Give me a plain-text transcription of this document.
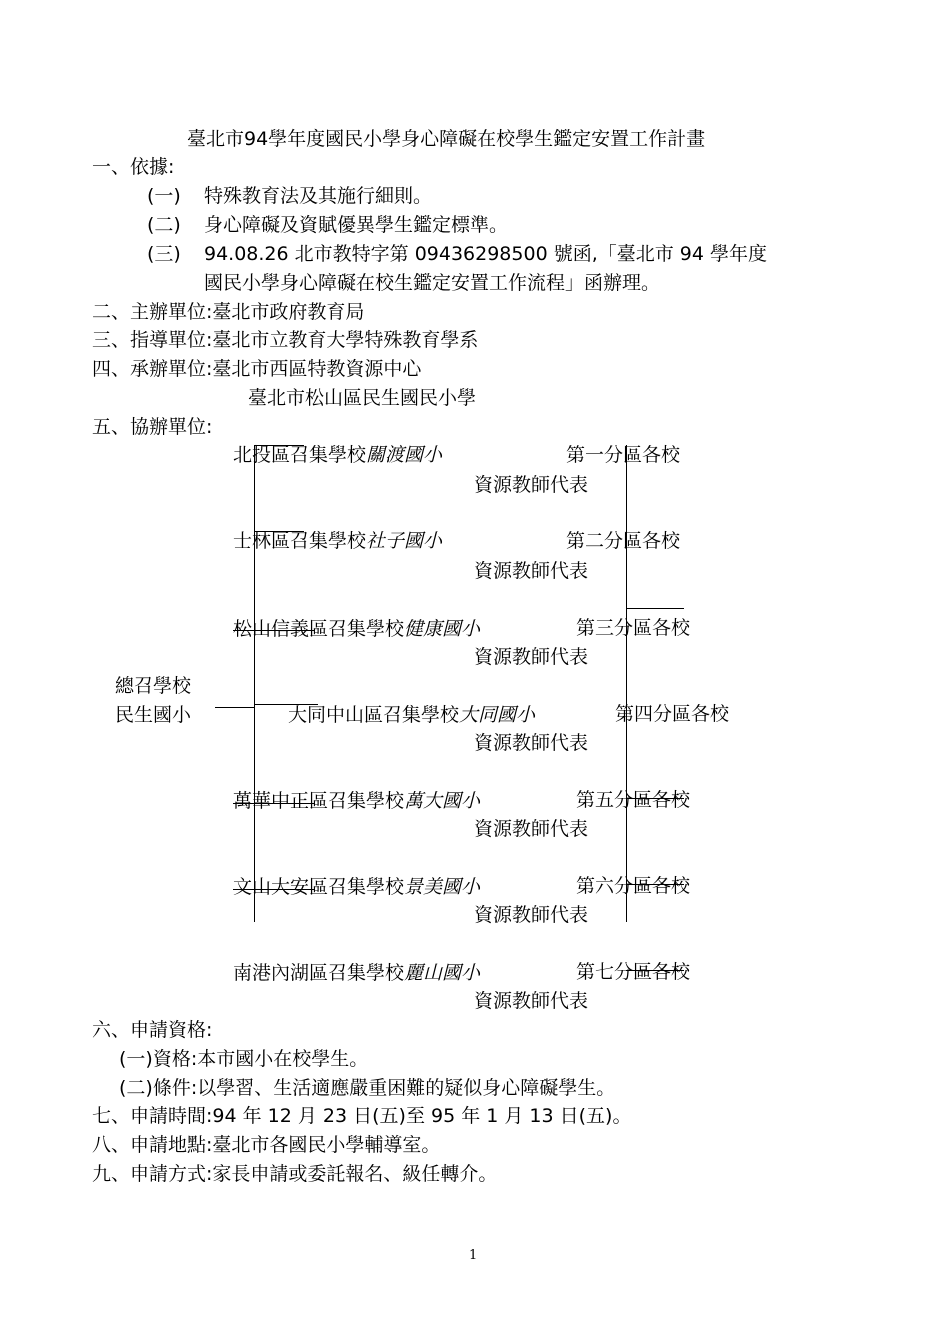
臺北市94學年度國民小學身心障礙在校學生鑑定安置工作計畫
一、依據:
(一) 特殊教育法及其施行細則。
(二) 身心障礙及資賦優異學生鑑定標準。
(三) 94.08.26 北市教特字第 09436298500 號函,「臺北市 94 學年度
國民小學身心障礙在校生鑑定安置工作流程」函辦理。
二、主辦單位:臺北市政府教育局
三、指導單位:臺北市立教育大學特殊教育學系
四、承辦單位:臺北市西區特教資源中心
臺北市松山區民生國民小學
五、協辦單位:
總召學校
民生國小
北投區召集學校關渡國小	第一分區各校
資源教師代表
士林區召集學校社子國小	第二分區各校
資源教師代表
松山信義區召集學校健康國小	第三分區各校
資源教師代表
大同中山區召集學校大同國小	第四分區各校
資源教師代表
萬華中正區召集學校萬大國小	第五分區各校
資源教師代表
文山大安區召集學校景美國小	第六分區各校
資源教師代表
南港內湖區召集學校麗山國小	第七分區各校
資源教師代表
六、申請資格:
(一)資格:本市國小在校學生。
(二)條件:以學習、生活適應嚴重困難的疑似身心障礙學生。
七、申請時間:94 年 12 月 23 日(五)至 95 年 1 月 13 日(五)。
八、申請地點:臺北市各國民小學輔導室。
九、申請方式:家長申請或委託報名、級任轉介。
1
